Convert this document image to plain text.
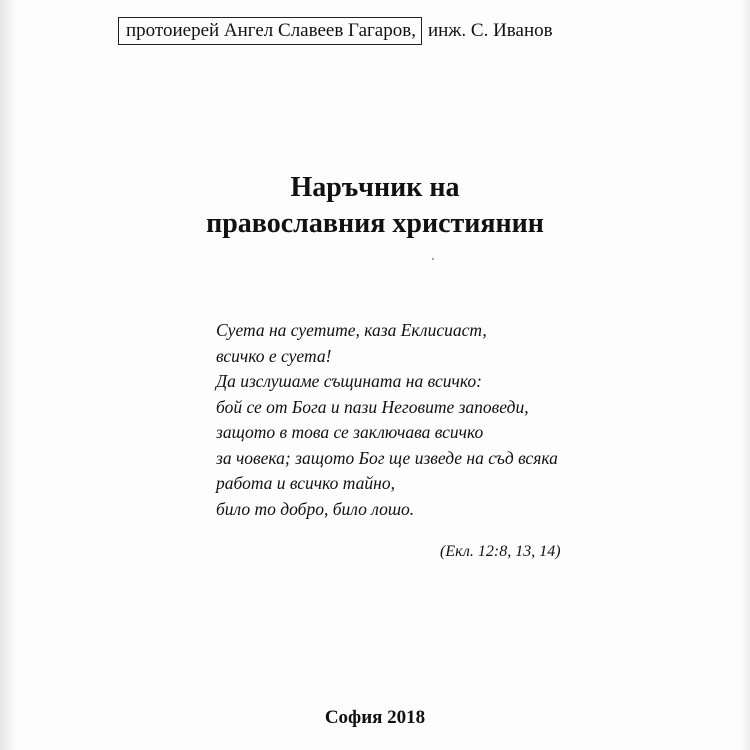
протоиерей Ангел Славеев Гагаров, инж. С. Иванов
Наръчник на
православния християнин
Суета на суетите, каза Еклисиаст,
всичко е суета!
Да изслушаме същината на всичко:
бой се от Бога и пази Неговите заповеди,
защото в това се заключава всичко
за човека; защото Бог ще изведе на съд всяка
работа и всичко тайно,
било то добро, било лошо.
(Екл. 12:8, 13, 14)
София 2018
